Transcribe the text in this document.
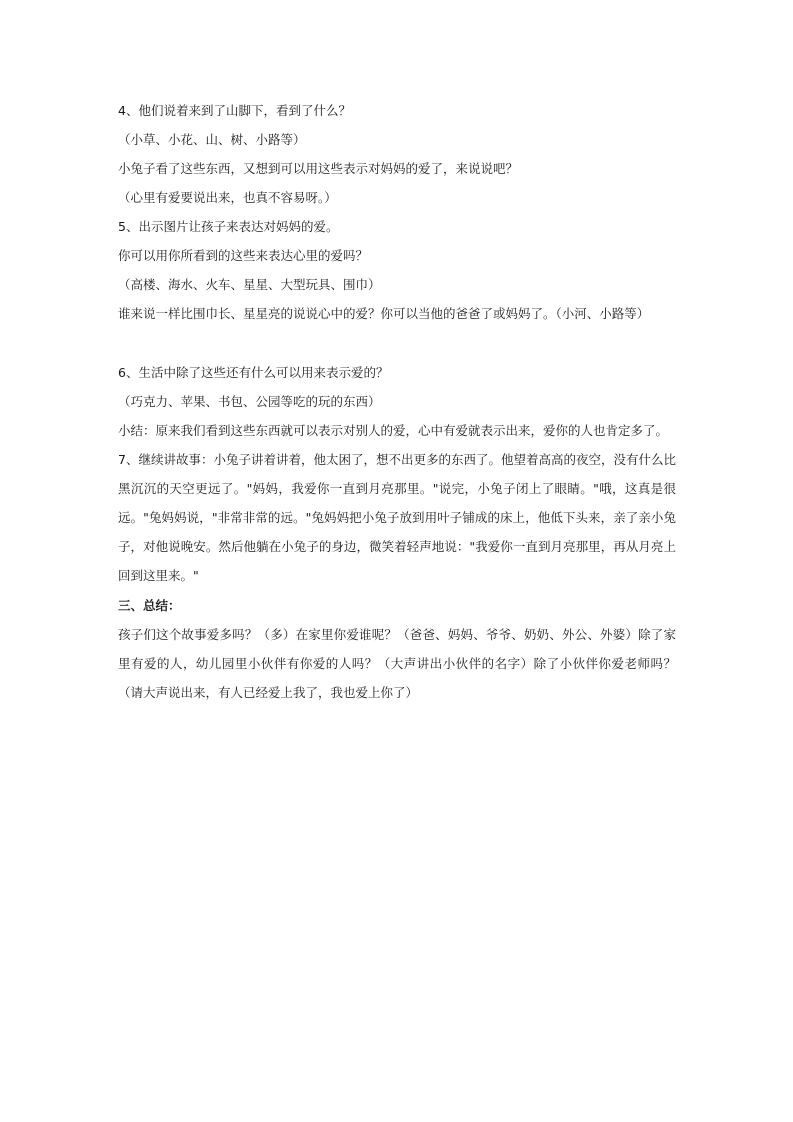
4、他们说着来到了山脚下，看到了什么？
（小草、小花、山、树、小路等）
小兔子看了这些东西，又想到可以用这些表示对妈妈的爱了，来说说吧？
（心里有爱要说出来，也真不容易呀。）
5、出示图片让孩子来表达对妈妈的爱。
你可以用你所看到的这些来表达心里的爱吗？
（高楼、海水、火车、星星、大型玩具、围巾）
谁来说一样比围巾长、星星亮的说说心中的爱？你可以当他的爸爸了或妈妈了。（小河、小路等）
6、生活中除了这些还有什么可以用来表示爱的？
（巧克力、苹果、书包、公园等吃的玩的东西）
小结：原来我们看到这些东西就可以表示对别人的爱，心中有爱就表示出来，爱你的人也肯定多了。
7、继续讲故事：小兔子讲着讲着，他太困了，想不出更多的东西了。他望着高高的夜空，没有什么比黑沉沉的天空更远了。"妈妈，我爱你一直到月亮那里。"说完，小兔子闭上了眼睛。"哦，这真是很远。"兔妈妈说，"非常非常的远。"兔妈妈把小兔子放到用叶子铺成的床上，他低下头来，亲了亲小兔子，对他说晚安。然后他躺在小兔子的身边，微笑着轻声地说："我爱你一直到月亮那里，再从月亮上回到这里来。"
三、总结：
孩子们这个故事爱多吗？（多）在家里你爱谁呢？（爸爸、妈妈、爷爷、奶奶、外公、外婆）除了家里有爱的人，幼儿园里小伙伴有你爱的人吗？（大声讲出小伙伴的名字）除了小伙伴你爱老师吗？（请大声说出来，有人已经爱上我了，我也爱上你了）
